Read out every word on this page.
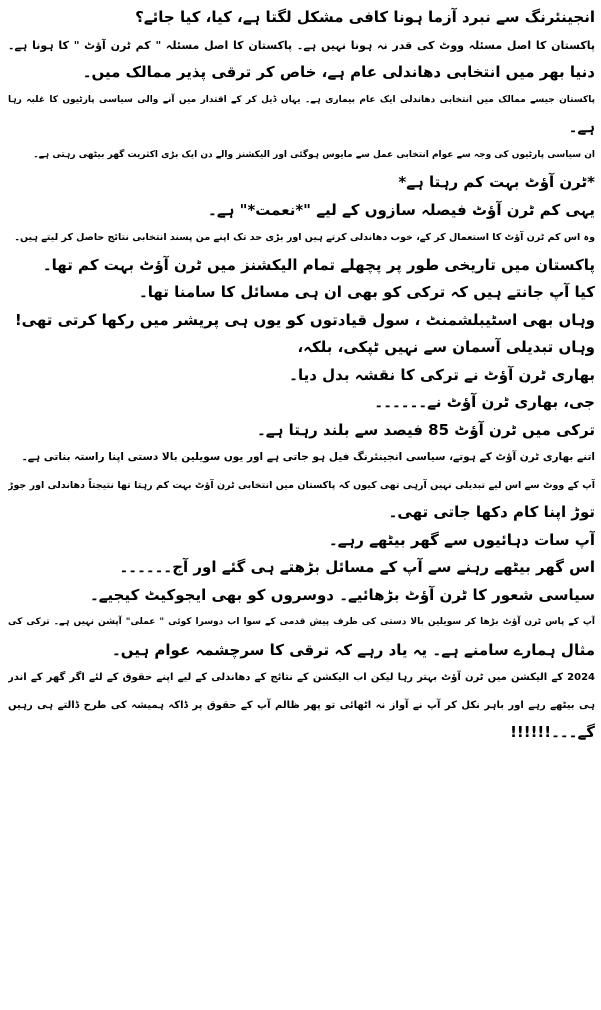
انجینئرنگ سے نبرد آزما ہونا کافی مشکل لگتا ہے، کیا، کیا جائے؟
پاکستان کا اصل مسئلہ ووٹ کی قدر نہ ہونا نہیں ہے۔ پاکستان کا اصل مسئلہ " کم ٹرن آؤٹ " کا ہونا ہے۔
دنیا بھر میں انتخابی دھاندلی عام ہے، خاص کر ترقی پذیر ممالک میں۔
پاکستان جیسے ممالک میں انتخابی دھاندلی ایک عام بیماری ہے۔ یہاں ڈیل کر کے اقتدار میں آنے والی سیاسی پارٹیوں کا غلبہ رہا
ہے۔
ان سیاسی پارٹیوں کی وجہ سے عوام انتخابی عمل سے مایوس ہوگئی اور الیکشنز والے دن ایک بڑی اکثریت گھر بیٹھی رہتی ہے۔
*ٹرن آؤٹ بہت کم رہتا ہے*
یہی کم ٹرن آؤٹ فیصلہ سازوں کے لیے "*نعمت*" ہے۔
وہ اس کم ٹرن آؤٹ کا استعمال کر کے، خوب دھاندلی کرتے ہیں اور بڑی حد تک اپنے من پسند انتخابی نتائج حاصل کر لیتے ہیں۔
پاکستان میں تاریخی طور پر پچھلے تمام الیکشنز میں ٹرن آؤٹ بہت کم تھا۔
کیا آپ جانتے ہیں کہ ترکی کو بھی ان ہی مسائل کا سامنا تھا۔
وہاں بھی اسٹیبلشمنٹ ، سول قیادتوں کو یوں ہی پریشر میں رکھا کرتی تھی!
وہاں تبدیلی آسمان سے نہیں ٹپکی، بلکہ،
بھاری ٹرن آؤٹ نے ترکی کا نقشہ بدل دیا۔
جی، بھاری ٹرن آؤٹ نے۔۔۔۔۔۔
ترکی میں ٹرن آؤٹ 85 فیصد سے بلند رہتا ہے۔
اتنے بھاری ٹرن آؤٹ کے ہوتے، سیاسی انجینئرنگ فیل ہو جاتی ہے اور یوں سویلین بالا دستی اپنا راستہ بناتی ہے۔
آپ کے ووٹ سے اس لیے تبدیلی نہیں آرہی تھی کیوں کہ پاکستان میں انتخابی ٹرن آؤٹ بہت کم رہتا تھا نتیجتاً دھاندلی اور جوڑ
توڑ اپنا کام دکھا جاتی تھی۔
آپ سات دہائیوں سے گھر بیٹھے رہے۔
اس گھر بیٹھے رہنے سے آپ کے مسائل بڑھتے ہی گئے اور آج۔۔۔۔۔۔
سیاسی شعور کا ٹرن آؤٹ بڑھائیے۔ دوسروں کو بھی ایجوکیٹ کیجیے۔
آپ کے پاس ٹرن آؤٹ بڑھا کر سویلین بالا دستی کی طرف پیش قدمی کے سوا اب دوسرا کوئی " عملی" آپشن نہیں ہے۔ ترکی کی
مثال ہمارے سامنے ہے۔ یہ یاد رہے کہ ترقی کا سرچشمہ عوام ہیں۔
2024 کے الیکشن میں ٹرن آؤٹ بہتر رہا لیکن اب الیکشن کے نتائج کے دھاندلی کے لیے اپنے حقوق کے لئے اگر گھر کے اندر
ہی بیٹھے رہے اور باہر نکل کر آپ نے آواز نہ اٹھائی تو پھر ظالم آپ کے حقوق پر ڈاکہ ہمیشہ کی طرح ڈالتے ہی رہیں
گے۔۔۔!!!!!!
